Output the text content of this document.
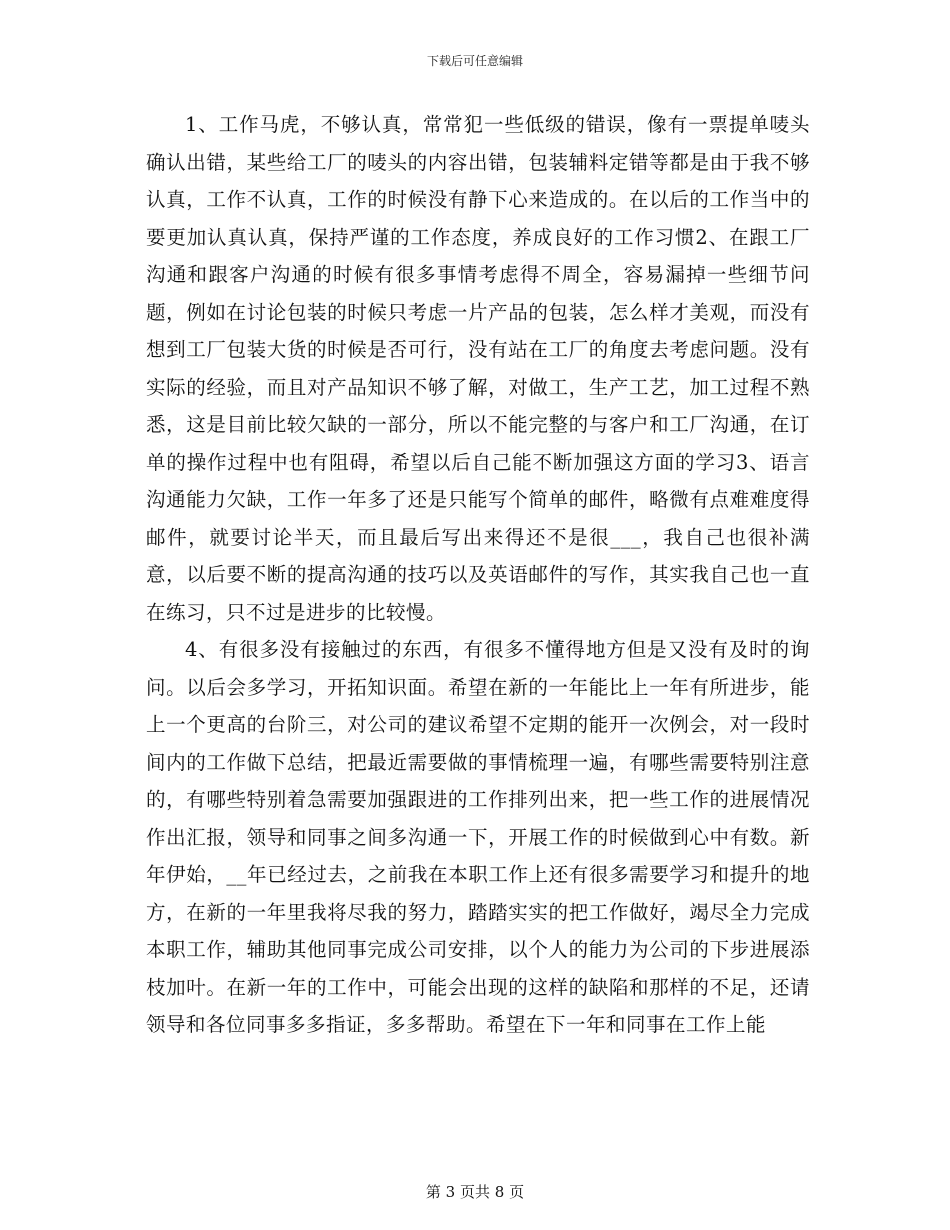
下载后可任意编辑

1、工作马虎，不够认真，常常犯一些低级的错误，像有一票提单唛头确认出错，某些给工厂的唛头的内容出错，包装辅料定错等都是由于我不够认真，工作不认真，工作的时候没有静下心来造成的。在以后的工作当中的要更加认真认真，保持严谨的工作态度，养成良好的工作习惯2、在跟工厂沟通和跟客户沟通的时候有很多事情考虑得不周全，容易漏掉一些细节问题，例如在讨论包装的时候只考虑一片产品的包装，怎么样才美观，而没有想到工厂包装大货的时候是否可行，没有站在工厂的角度去考虑问题。没有实际的经验，而且对产品知识不够了解，对做工，生产工艺，加工过程不熟悉，这是目前比较欠缺的一部分，所以不能完整的与客户和工厂沟通，在订单的操作过程中也有阻碍，希望以后自己能不断加强这方面的学习3、语言沟通能力欠缺，工作一年多了还是只能写个简单的邮件，略微有点难难度得邮件，就要讨论半天，而且最后写出来得还不是很___，我自己也很补满意，以后要不断的提高沟通的技巧以及英语邮件的写作，其实我自己也一直在练习，只不过是进步的比较慢。

4、有很多没有接触过的东西，有很多不懂得地方但是又没有及时的询问。以后会多学习，开拓知识面。希望在新的一年能比上一年有所进步，能上一个更高的台阶三，对公司的建议希望不定期的能开一次例会，对一段时间内的工作做下总结，把最近需要做的事情梳理一遍，有哪些需要特别注意的，有哪些特别着急需要加强跟进的工作排列出来，把一些工作的进展情况作出汇报，领导和同事之间多沟通一下，开展工作的时候做到心中有数。新年伊始，__年已经过去，之前我在本职工作上还有很多需要学习和提升的地方，在新的一年里我将尽我的努力，踏踏实实的把工作做好，竭尽全力完成本职工作，辅助其他同事完成公司安排，以个人的能力为公司的下步进展添枝加叶。在新一年的工作中，可能会出现的这样的缺陷和那样的不足，还请领导和各位同事多多指证，多多帮助。希望在下一年和同事在工作上能

第 3 页共 8 页
